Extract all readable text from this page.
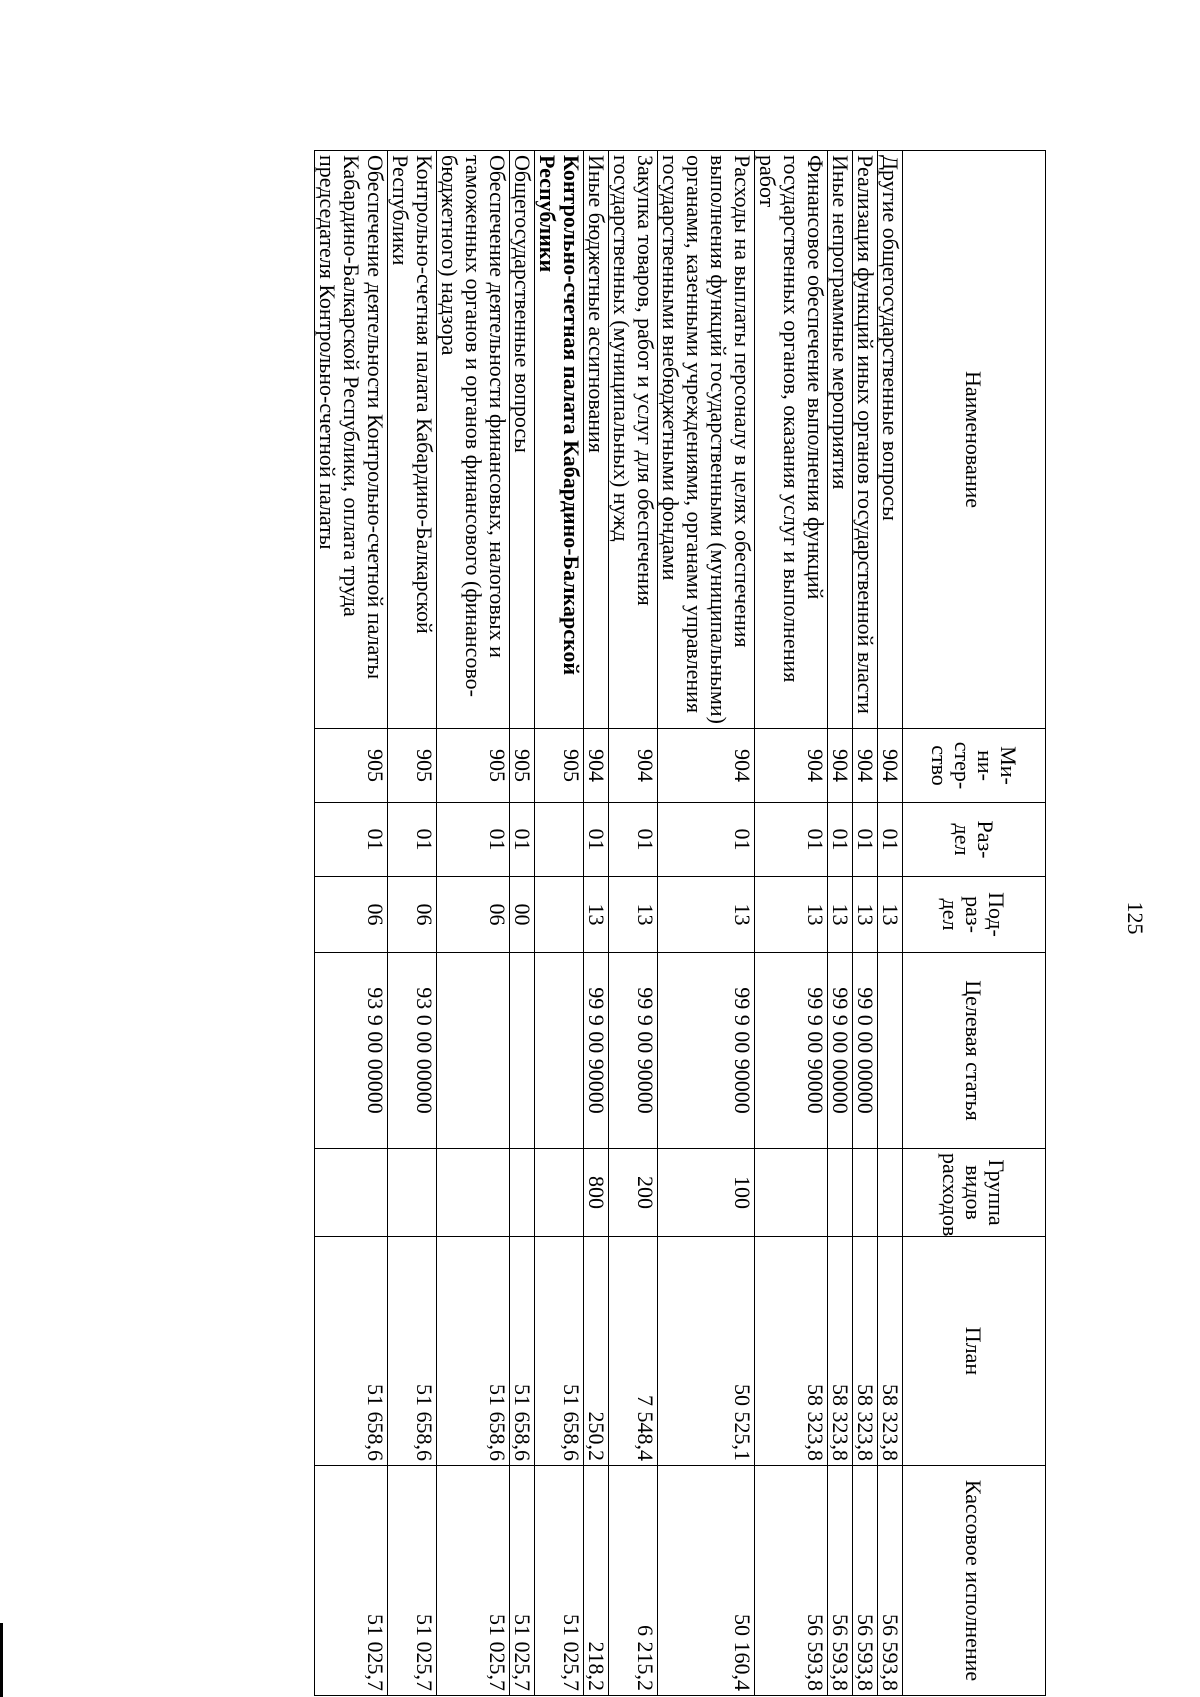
125
Наименование	Ми-ни-стер-ство	Раз-дел	Под-раз-дел	Целевая статья	Группа видов расходов	План	Кассовое исполнение
Другие общегосударственные вопросы	904	01	13			58 323,8	56 593,8
Реализация функций иных органов государственной власти	904	01	13	99 0 00 00000		58 323,8	56 593,8
Иные непрограммные мероприятия	904	01	13	99 9 00 00000		58 323,8	56 593,8
Финансовое обеспечение выполнения функций государственных органов, оказания услуг и выполнения работ	904	01	13	99 9 00 90000		58 323,8	56 593,8
Расходы на выплаты персоналу в целях обеспечения выполнения функций государственными (муниципальными) органами, казенными учреждениями, органами управления государственными внебюджетными фондами	904	01	13	99 9 00 90000	100	50 525,1	50 160,4
Закупка товаров, работ и услуг для обеспечения государственных (муниципальных) нужд	904	01	13	99 9 00 90000	200	7 548,4	6 215,2
Иные бюджетные ассигнования	904	01	13	99 9 00 90000	800	250,2	218,2
Контрольно-счетная палата Кабардино-Балкарской Республики	905					51 658,6	51 025,7
Общегосударственные вопросы	905	01	00			51 658,6	51 025,7
Обеспечение деятельности финансовых, налоговых и таможенных органов и органов финансового (финансово-бюджетного) надзора	905	01	06			51 658,6	51 025,7
Контрольно-счетная палата Кабардино-Балкарской Республики	905	01	06	93 0 00 00000		51 658,6	51 025,7
Обеспечение деятельности Контрольно-счетной палаты Кабардино-Балкарской Республики, оплата труда председателя Контрольно-счетной палаты	905	01	06	93 9 00 00000		51 658,6	51 025,7
